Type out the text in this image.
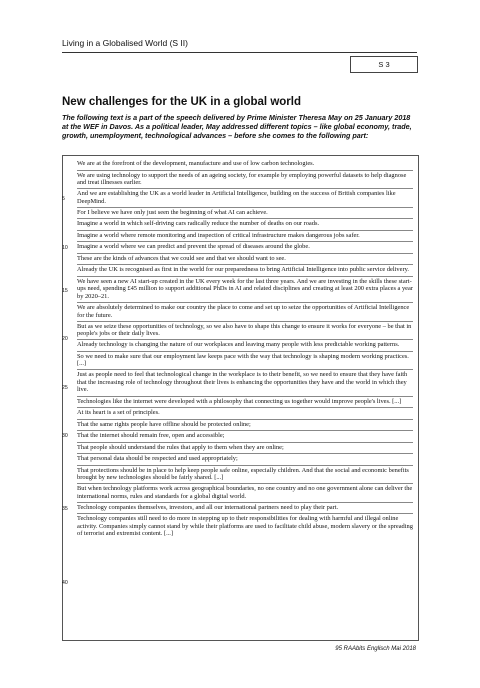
Living in a Globalised World (S II)
S 3
New challenges for the UK in a global world
The following text is a part of the speech delivered by Prime Minister Theresa May on 25 January 2018 at the WEF in Davos. As a political leader, May addressed different topics – like global economy, trade, growth, unemployment, technological advances – before she comes to the following part:
We are at the forefront of the development, manufacture and use of low carbon technologies.
We are using technology to support the needs of an ageing society, for example by employing powerful datasets to help diagnose and treat illnesses earlier.
And we are establishing the UK as a world leader in Artificial Intelligence, building on the success of British companies like DeepMind.
For I believe we have only just seen the beginning of what AI can achieve.
Imagine a world in which self-driving cars radically reduce the number of deaths on our roads.
Imagine a world where remote monitoring and inspection of critical infrastructure makes dangerous jobs safer.
Imagine a world where we can predict and prevent the spread of diseases around the globe.
These are the kinds of advances that we could see and that we should want to see.
Already the UK is recognised as first in the world for our preparedness to bring Artificial Intelligence into public service delivery.
We have seen a new AI start-up created in the UK every week for the last three years. And we are investing in the skills these start-ups need, spending £45 million to support additional PhDs in AI and related disciplines and creating at least 200 extra places a year by 2020–21.
We are absolutely determined to make our country the place to come and set up to seize the opportunities of Artificial Intelligence for the future.
But as we seize these opportunities of technology, so we also have to shape this change to ensure it works for everyone – be that in people's jobs or their daily lives.
Already technology is changing the nature of our workplaces and leaving many people with less predictable working patterns.
So we need to make sure that our employment law keeps pace with the way that technology is shaping modern working practices. [...]
Just as people need to feel that technological change in the workplace is to their benefit, so we need to ensure that they have faith that the increasing role of technology throughout their lives is enhancing the opportunities they have and the world in which they live.
Technologies like the internet were developed with a philosophy that connecting us together would improve people's lives. [...]
At its heart is a set of principles.
That the same rights people have offline should be protected online;
That the internet should remain free, open and accessible;
That people should understand the rules that apply to them when they are online;
That personal data should be respected and used appropriately;
That protections should be in place to help keep people safe online, especially children. And that the social and economic benefits brought by new technologies should be fairly shared. [...]
But when technology platforms work across geographical boundaries, no one country and no one government alone can deliver the international norms, rules and standards for a global digital world.
Technology companies themselves, investors, and all our international partners need to play their part.
Technology companies still need to do more in stepping up to their responsibilities for dealing with harmful and illegal online activity. Companies simply cannot stand by while their platforms are used to facilitate child abuse, modern slavery or the spreading of terrorist and extremist content. [...]
5
10
15
20
25
30
35
40
95 RAAbits Englisch Mai 2018
